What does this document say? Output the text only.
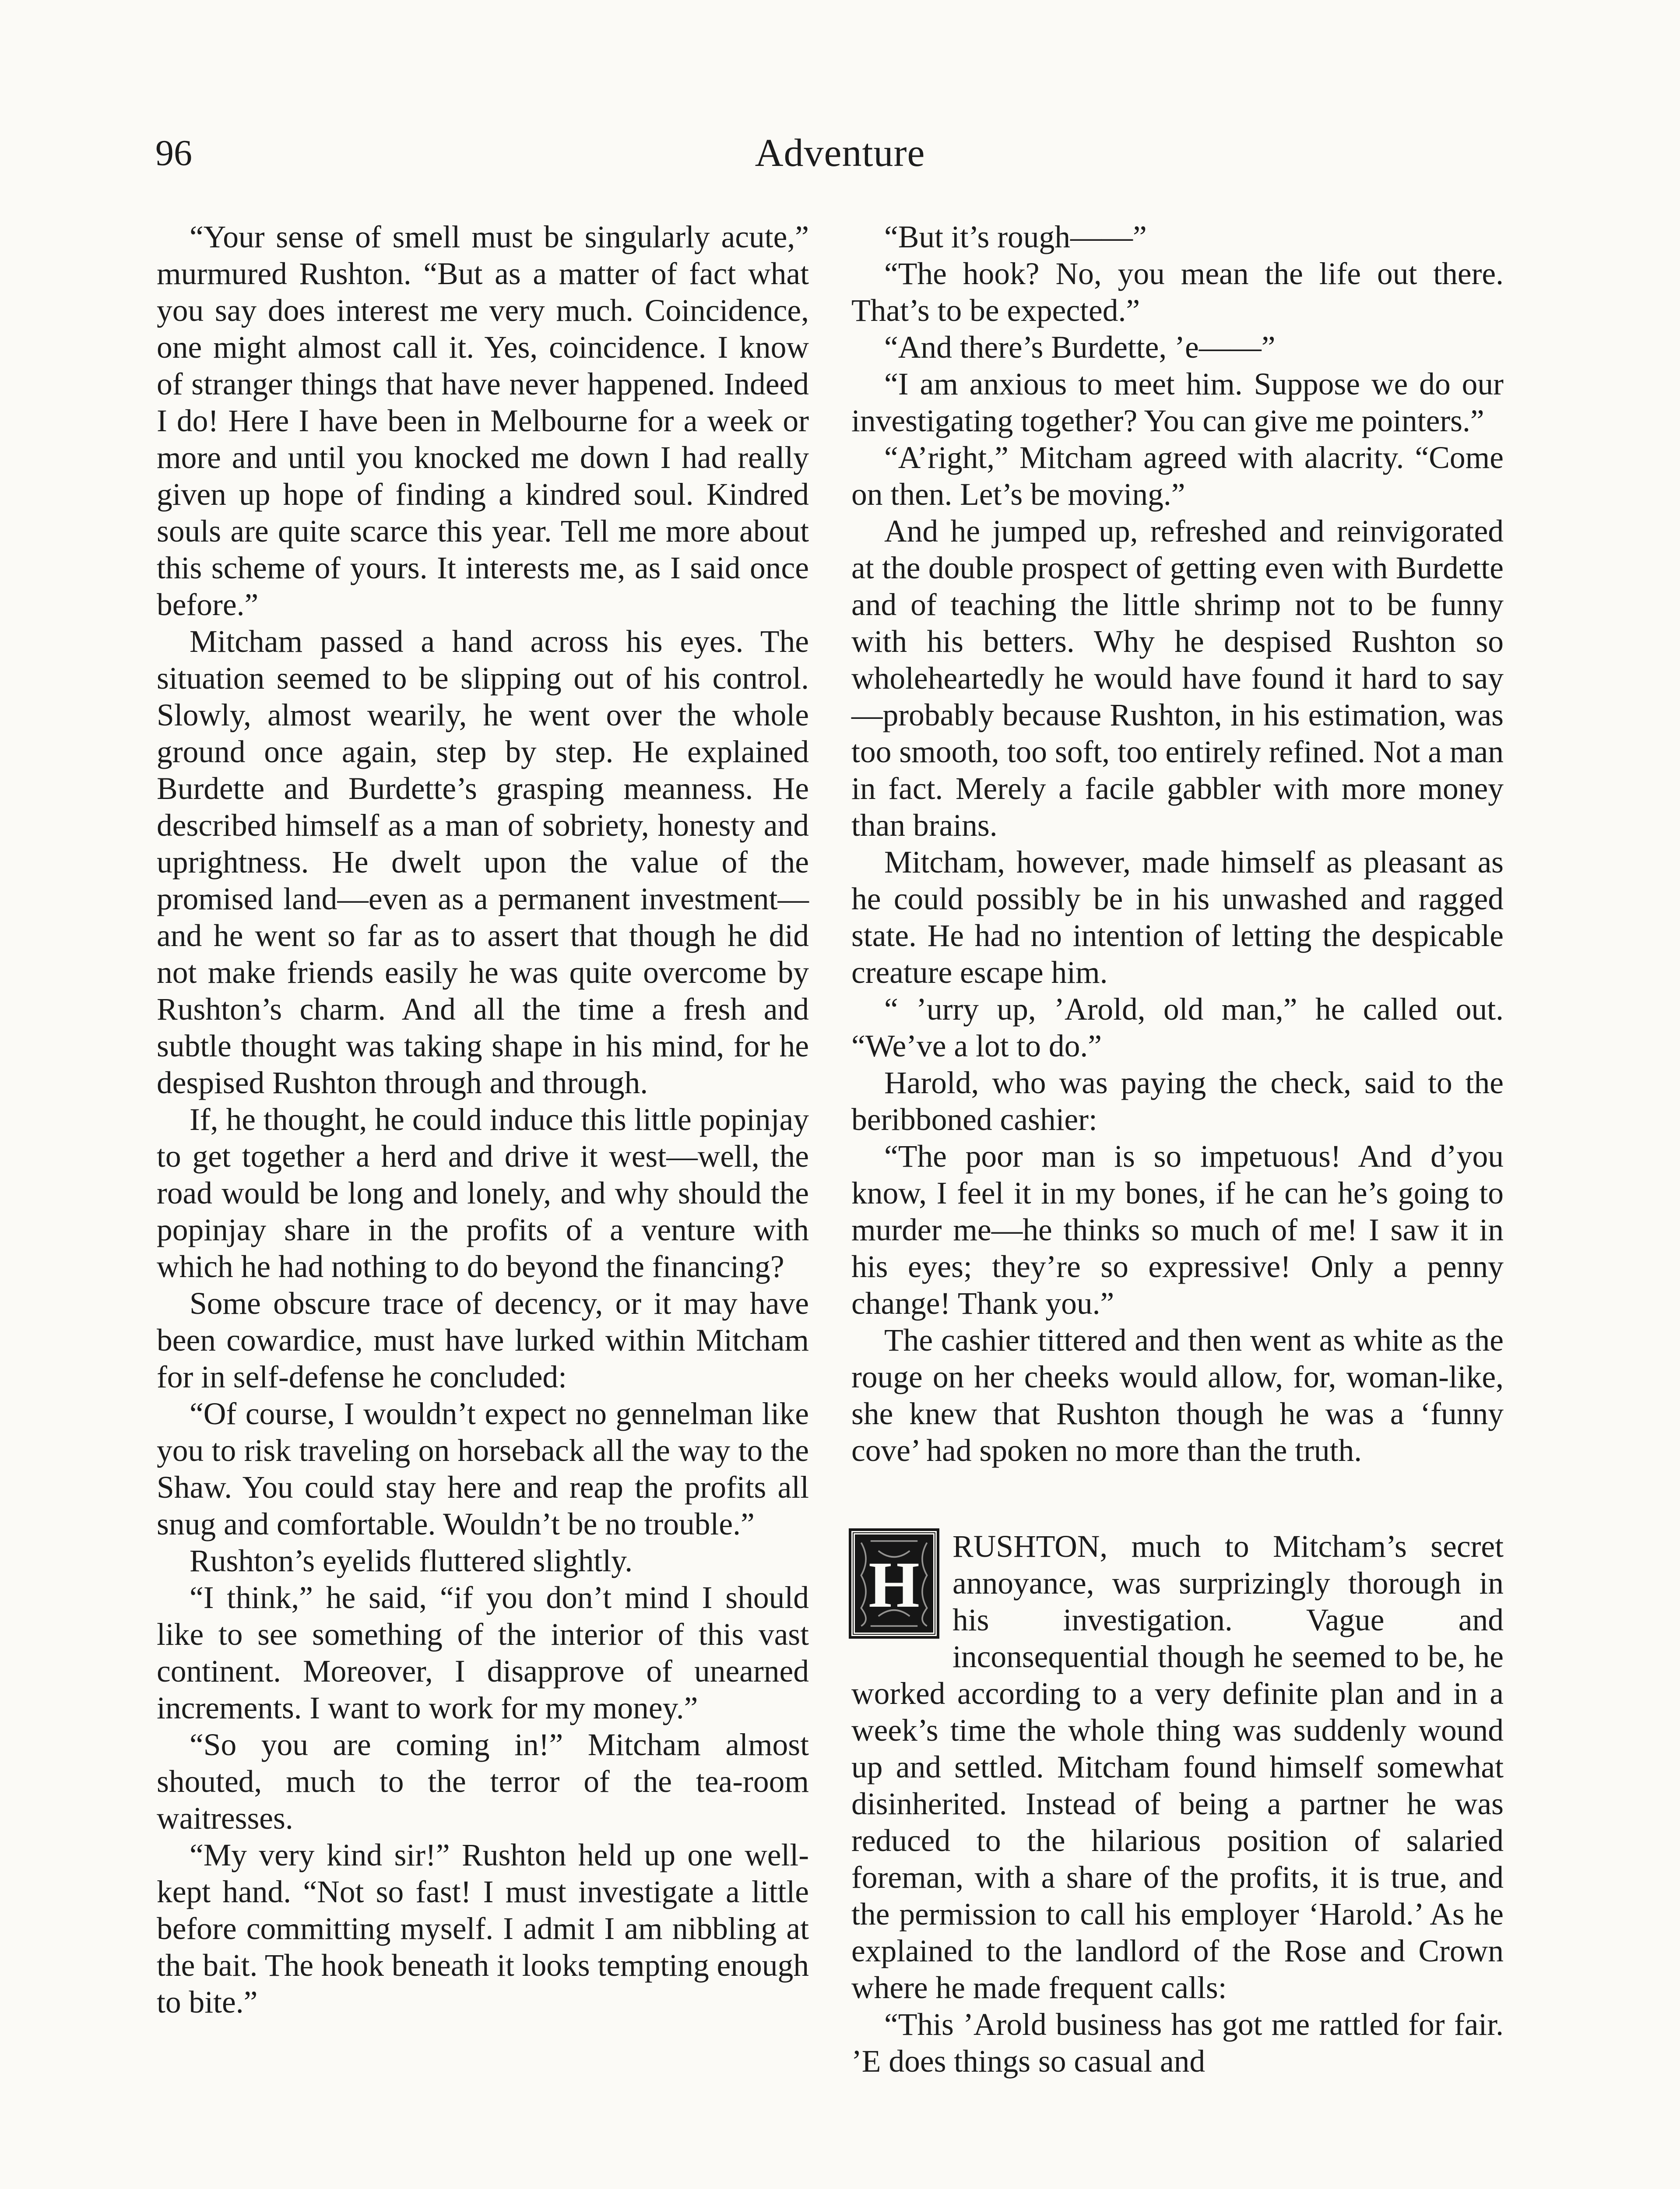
96	Adventure

“Your sense of smell must be singularly acute,” murmured Rushton. “But as a matter of fact what you say does interest me very much. Coincidence, one might almost call it. Yes, coincidence. I know of stranger things that have never happened. Indeed I do! Here I have been in Melbourne for a week or more and until you knocked me down I had really given up hope of finding a kindred soul. Kindred souls are quite scarce this year. Tell me more about this scheme of yours. It interests me, as I said once before.”

Mitcham passed a hand across his eyes. The situation seemed to be slipping out of his control. Slowly, almost wearily, he went over the whole ground once again, step by step. He explained Burdette and Burdette’s grasping meanness. He described himself as a man of sobriety, honesty and uprightness. He dwelt upon the value of the promised land—even as a permanent investment—and he went so far as to assert that though he did not make friends easily he was quite overcome by Rushton’s charm. And all the time a fresh and subtle thought was taking shape in his mind, for he despised Rushton through and through.

If, he thought, he could induce this little popinjay to get together a herd and drive it west—well, the road would be long and lonely, and why should the popinjay share in the profits of a venture with which he had nothing to do beyond the financing?

Some obscure trace of decency, or it may have been cowardice, must have lurked within Mitcham for in self-defense he concluded:

“Of course, I wouldn’t expect no gennelman like you to risk traveling on horseback all the way to the Shaw. You could stay here and reap the profits all snug and comfortable. Wouldn’t be no trouble.”

Rushton’s eyelids fluttered slightly.

“I think,” he said, “if you don’t mind I should like to see something of the interior of this vast continent. Moreover, I disapprove of unearned increments. I want to work for my money.”

“So you are coming in!” Mitcham almost shouted, much to the terror of the tea-room waitresses.

“My very kind sir!” Rushton held up one well-kept hand. “Not so fast! I must investigate a little before committing myself. I admit I am nibbling at the bait. The hook beneath it looks tempting enough to bite.”

“But it’s rough——”

“The hook? No, you mean the life out there. That’s to be expected.”

“And there’s Burdette, ’e——”

“I am anxious to meet him. Suppose we do our investigating together? You can give me pointers.”

“A’right,” Mitcham agreed with alacrity. “Come on then. Let’s be moving.”

And he jumped up, refreshed and reinvigorated at the double prospect of getting even with Burdette and of teaching the little shrimp not to be funny with his betters. Why he despised Rushton so wholeheartedly he would have found it hard to say—probably because Rushton, in his estimation, was too smooth, too soft, too entirely refined. Not a man in fact. Merely a facile gabbler with more money than brains.

Mitcham, however, made himself as pleasant as he could possibly be in his unwashed and ragged state. He had no intention of letting the despicable creature escape him.

“ ’urry up, ’Arold, old man,” he called out. “We’ve a lot to do.”

Harold, who was paying the check, said to the beribboned cashier:

“The poor man is so impetuous! And d’you know, I feel it in my bones, if he can he’s going to murder me—he thinks so much of me! I saw it in his eyes; they’re so expressive! Only a penny change! Thank you.”

The cashier tittered and then went as white as the rouge on her cheeks would allow, for, woman-like, she knew that Rushton though he was a ‘funny cove’ had spoken no more than the truth.

H
RUSHTON, much to Mitcham’s secret annoyance, was surprizingly thorough in his investigation. Vague and inconsequential though he seemed to be, he worked according to a very definite plan and in a week’s time the whole thing was suddenly wound up and settled. Mitcham found himself somewhat disinherited. Instead of being a partner he was reduced to the hilarious position of salaried foreman, with a share of the profits, it is true, and the permission to call his employer ‘Harold.’ As he explained to the landlord of the Rose and Crown where he made frequent calls:

“This ’Arold business has got me rattled for fair. ’E does things so casual and
